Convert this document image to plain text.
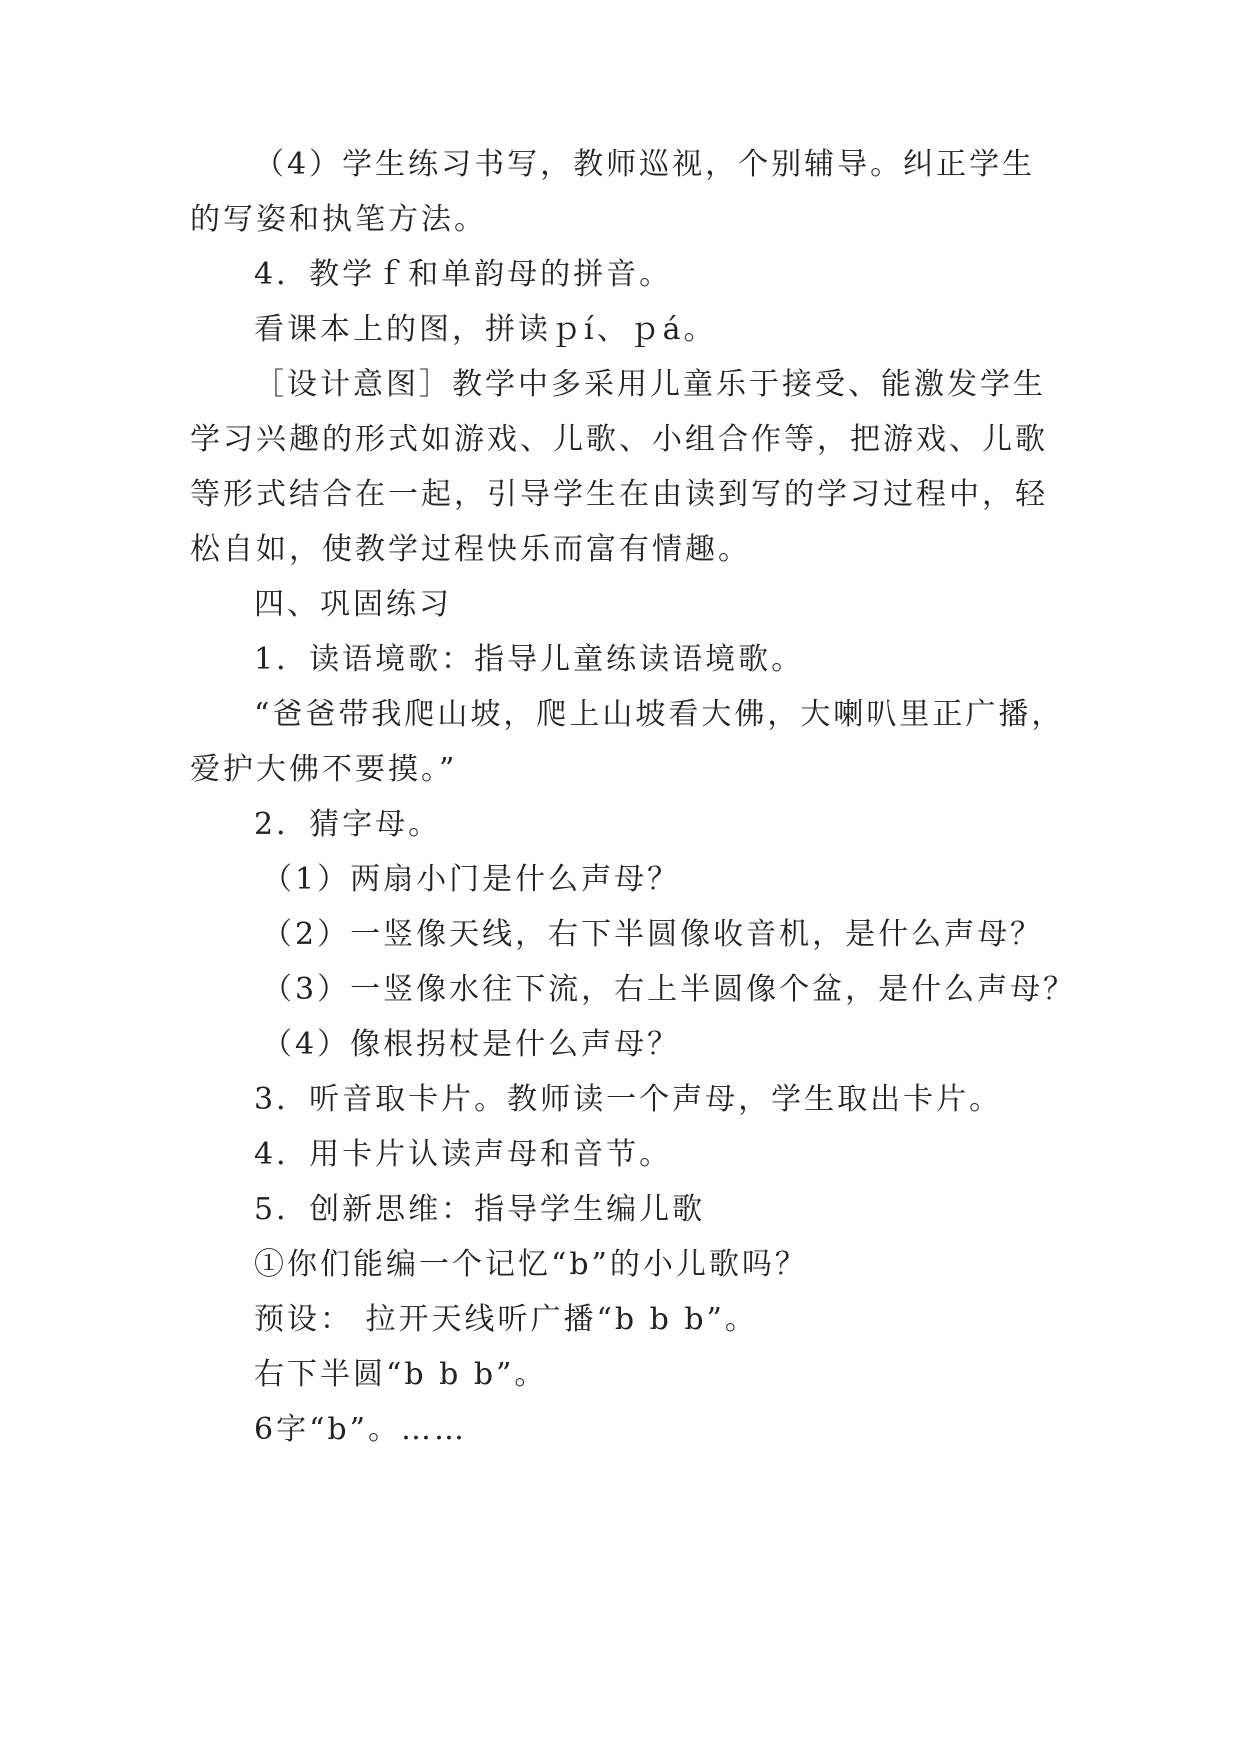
（4）学生练习书写，教师巡视，个别辅导。纠正学生
的写姿和执笔方法。
4．教学ｆ和单韵母的拼音。
看课本上的图，拼读ｐí、ｐá。
［设计意图］教学中多采用儿童乐于接受、能激发学生
学习兴趣的形式如游戏、儿歌、小组合作等，把游戏、儿歌
等形式结合在一起，引导学生在由读到写的学习过程中，轻
松自如，使教学过程快乐而富有情趣。
四、巩固练习
1．读语境歌：指导儿童练读语境歌。
“爸爸带我爬山坡，爬上山坡看大佛，大喇叭里正广播，
爱护大佛不要摸。”
2．猜字母。
（1）两扇小门是什么声母？
（2）一竖像天线，右下半圆像收音机，是什么声母？
（3）一竖像水往下流，右上半圆像个盆，是什么声母？
（4）像根拐杖是什么声母？
3．听音取卡片。教师读一个声母，学生取出卡片。
4．用卡片认读声母和音节。
5．创新思维：指导学生编儿歌
①你们能编一个记忆“b”的小儿歌吗？
预设： 拉开天线听广播“b b b”。
右下半圆“b b b”。
6字“b”。……
